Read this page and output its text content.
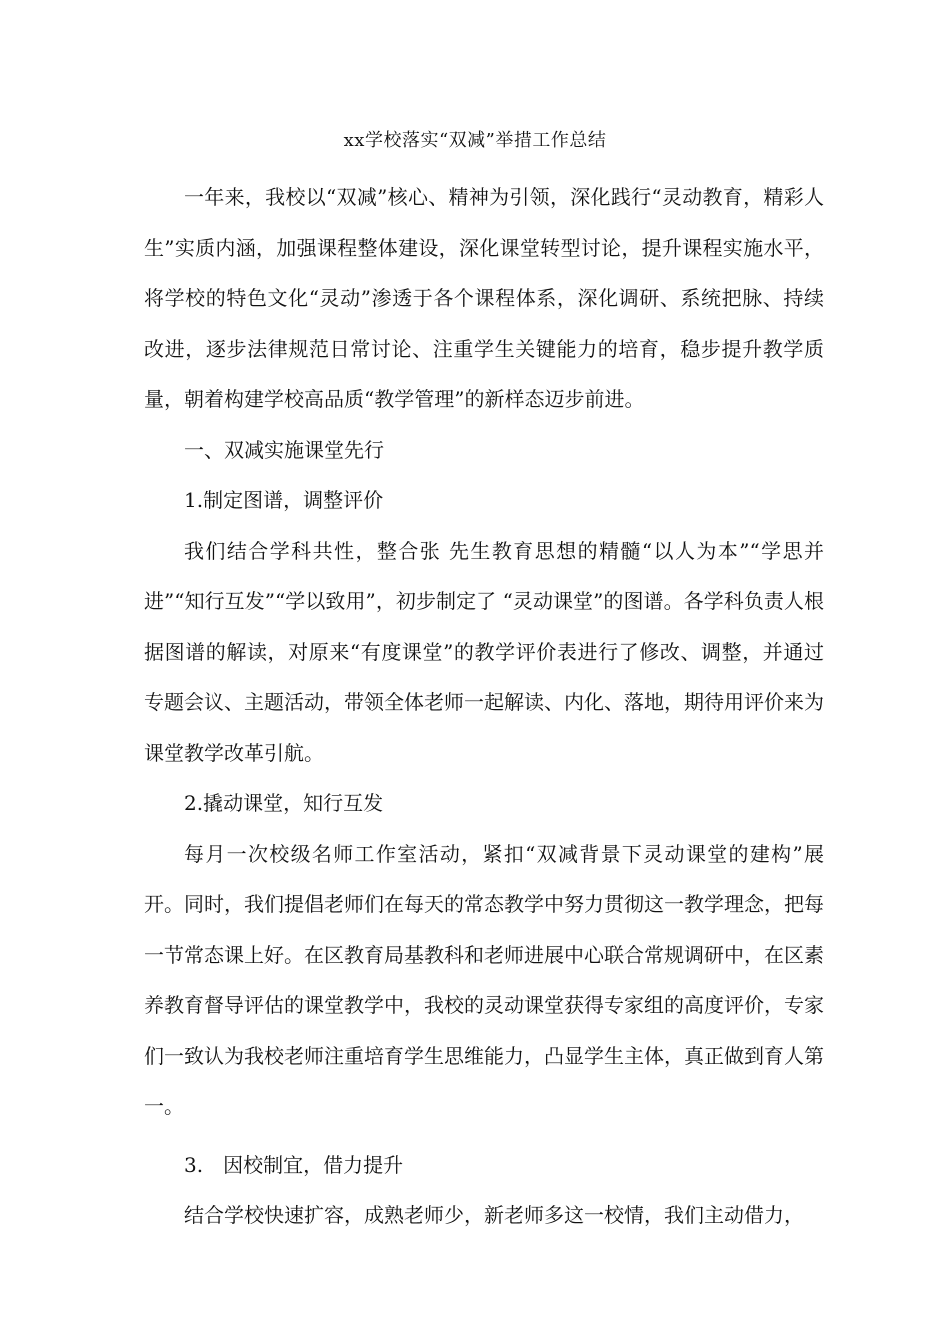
xx学校落实“双减”举措工作总结

一年来，我校以“双减”核心、精神为引领，深化践行“灵动教育，精彩人生”实质内涵，加强课程整体建设，深化课堂转型讨论，提升课程实施水平，将学校的特色文化“灵动”渗透于各个课程体系，深化调研、系统把脉、持续改进，逐步法律规范日常讨论、注重学生关键能力的培育，稳步提升教学质量，朝着构建学校高品质“教学管理”的新样态迈步前进。

一、双减实施课堂先行

1.制定图谱，调整评价

我们结合学科共性，整合张 先生教育思想的精髓“以人为本”“学思并进”“知行互发”“学以致用”，初步制定了 “灵动课堂”的图谱。各学科负责人根据图谱的解读，对原来“有度课堂”的教学评价表进行了修改、调整，并通过专题会议、主题活动，带领全体老师一起解读、内化、落地，期待用评价来为课堂教学改革引航。

2.撬动课堂，知行互发

每月一次校级名师工作室活动，紧扣“双减背景下灵动课堂的建构”展开。同时，我们提倡老师们在每天的常态教学中努力贯彻这一教学理念，把每一节常态课上好。在区教育局基教科和老师进展中心联合常规调研中，在区素养教育督导评估的课堂教学中，我校的灵动课堂获得专家组的高度评价，专家们一致认为我校老师注重培育学生思维能力，凸显学生主体，真正做到育人第一。

3.　因校制宜，借力提升

结合学校快速扩容，成熟老师少，新老师多这一校情，我们主动借力，
